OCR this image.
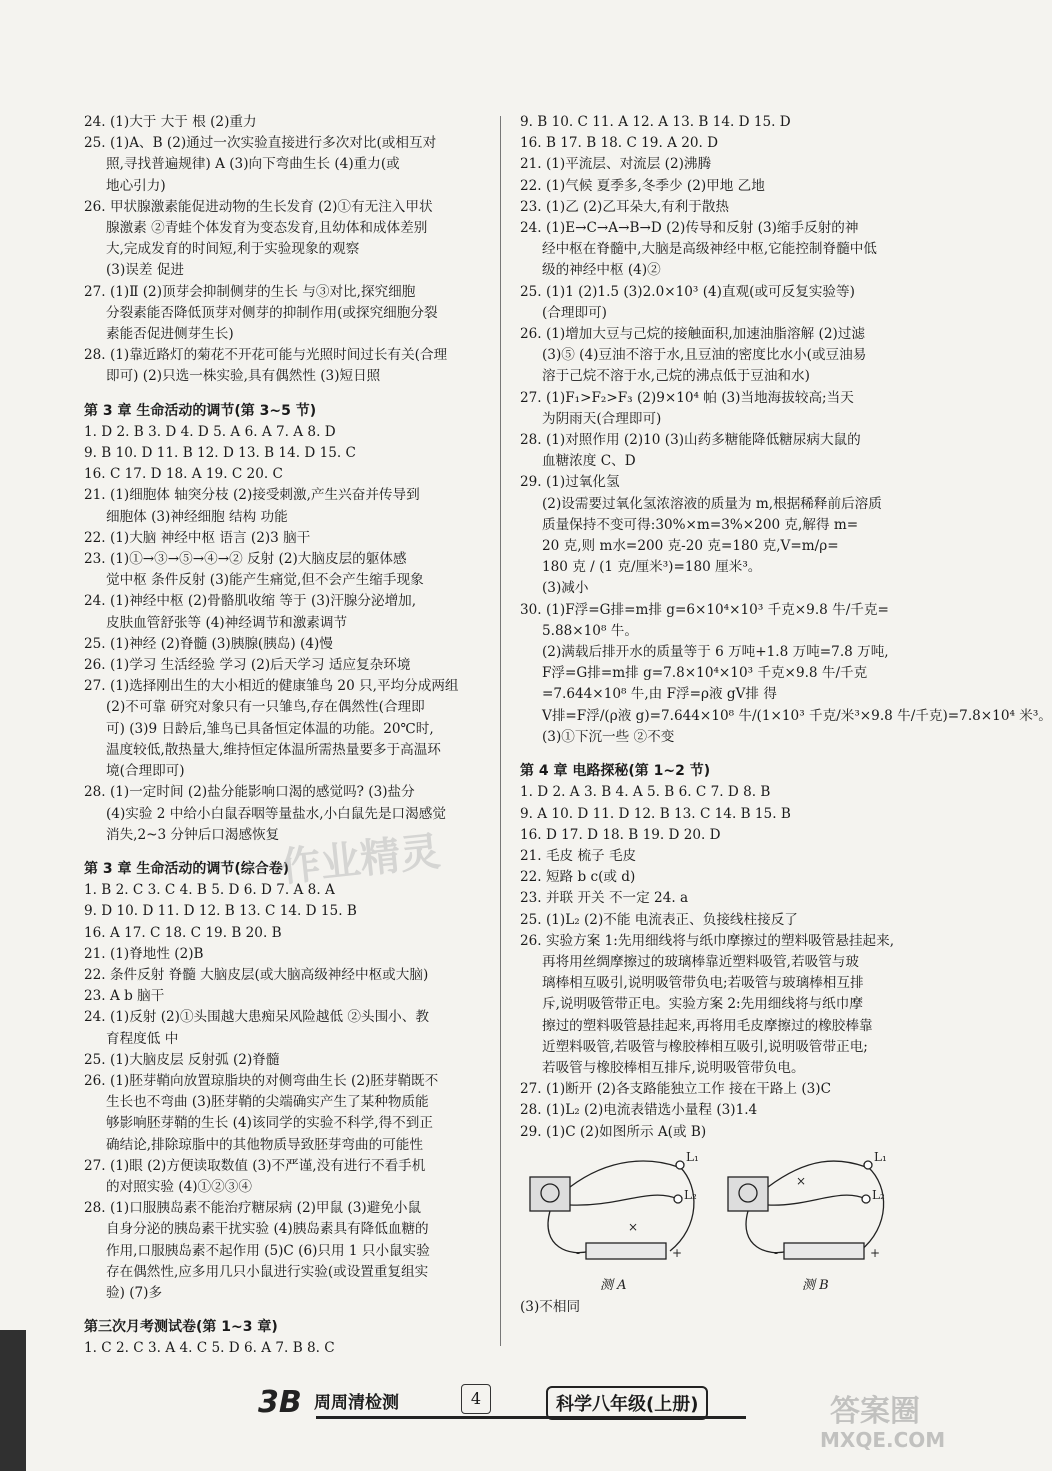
24. (1)大于 大于 根 (2)重力
25. (1)A、B (2)通过一次实验直接进行多次对比(或相互对
照,寻找普遍规律) A (3)向下弯曲生长 (4)重力(或
地心引力)
26. 甲状腺激素能促进动物的生长发育 (2)①有无注入甲状
腺激素 ②青蛙个体发育为变态发育,且幼体和成体差别
大,完成发育的时间短,利于实验现象的观察
(3)误差 促进
27. (1)Ⅱ (2)顶芽会抑制侧芽的生长 与③对比,探究细胞
分裂素能否降低顶芽对侧芽的抑制作用(或探究细胞分裂
素能否促进侧芽生长)
28. (1)靠近路灯的菊花不开花可能与光照时间过长有关(合理
即可) (2)只选一株实验,具有偶然性 (3)短日照
第 3 章 生命活动的调节(第 3~5 节)
1. D 2. B 3. D 4. D 5. A 6. A 7. A 8. D
9. B 10. D 11. B 12. D 13. B 14. D 15. C
16. C 17. D 18. A 19. C 20. C
21. (1)细胞体 轴突分枝 (2)接受刺激,产生兴奋并传导到
细胞体 (3)神经细胞 结构 功能
22. (1)大脑 神经中枢 语言 (2)3 脑干
23. (1)①→③→⑤→④→② 反射 (2)大脑皮层的躯体感
觉中枢 条件反射 (3)能产生痛觉,但不会产生缩手现象
24. (1)神经中枢 (2)骨骼肌收缩 等于 (3)汗腺分泌增加,
皮肤血管舒张等 (4)神经调节和激素调节
25. (1)神经 (2)脊髓 (3)胰腺(胰岛) (4)慢
26. (1)学习 生活经验 学习 (2)后天学习 适应复杂环境
27. (1)选择刚出生的大小相近的健康雏鸟 20 只,平均分成两组
(2)不可靠 研究对象只有一只雏鸟,存在偶然性(合理即
可) (3)9 日龄后,雏鸟已具备恒定体温的功能。20℃时,
温度较低,散热量大,维持恒定体温所需热量要多于高温环
境(合理即可)
28. (1)一定时间 (2)盐分能影响口渴的感觉吗? (3)盐分
(4)实验 2 中给小白鼠吞咽等量盐水,小白鼠先是口渴感觉
消失,2~3 分钟后口渴感恢复
第 3 章 生命活动的调节(综合卷)
1. B 2. C 3. C 4. B 5. D 6. D 7. A 8. A
9. D 10. D 11. D 12. B 13. C 14. D 15. B
16. A 17. C 18. C 19. B 20. B
21. (1)脊地性 (2)B
22. 条件反射 脊髓 大脑皮层(或大脑高级神经中枢或大脑)
23. A b 脑干
24. (1)反射 (2)①头围越大患痴呆风险越低 ②头围小、教
育程度低 中
25. (1)大脑皮层 反射弧 (2)脊髓
26. (1)胚芽鞘向放置琼脂块的对侧弯曲生长 (2)胚芽鞘既不
生长也不弯曲 (3)胚芽鞘的尖端确实产生了某种物质能
够影响胚芽鞘的生长 (4)该同学的实验不科学,得不到正
确结论,排除琼脂中的其他物质导致胚芽弯曲的可能性
27. (1)眼 (2)方便读取数值 (3)不严谨,没有进行不看手机
的对照实验 (4)①②③④
28. (1)口服胰岛素不能治疗糖尿病 (2)甲鼠 (3)避免小鼠
自身分泌的胰岛素干扰实验 (4)胰岛素具有降低血糖的
作用,口服胰岛素不起作用 (5)C (6)只用 1 只小鼠实验
存在偶然性,应多用几只小鼠进行实验(或设置重复组实
验) (7)多
第三次月考测试卷(第 1~3 章)
1. C 2. C 3. A 4. C 5. D 6. A 7. B 8. C
9. B 10. C 11. A 12. A 13. B 14. D 15. D
16. B 17. B 18. C 19. A 20. D
21. (1)平流层、对流层 (2)沸腾
22. (1)气候 夏季多,冬季少 (2)甲地 乙地
23. (1)乙 (2)乙耳朵大,有利于散热
24. (1)E→C→A→B→D (2)传导和反射 (3)缩手反射的神
经中枢在脊髓中,大脑是高级神经中枢,它能控制脊髓中低
级的神经中枢 (4)②
25. (1)1 (2)1.5 (3)2.0×10³ (4)直观(或可反复实验等)
(合理即可)
26. (1)增加大豆与己烷的接触面积,加速油脂溶解 (2)过滤
(3)⑤ (4)豆油不溶于水,且豆油的密度比水小(或豆油易
溶于己烷不溶于水,己烷的沸点低于豆油和水)
27. (1)F₁>F₂>F₃ (2)9×10⁴ 帕 (3)当地海拔较高;当天
为阴雨天(合理即可)
28. (1)对照作用 (2)10 (3)山药多糖能降低糖尿病大鼠的
血糖浓度 C、D
29. (1)过氧化氢
(2)设需要过氧化氢浓溶液的质量为 m,根据稀释前后溶质
质量保持不变可得:30%×m=3%×200 克,解得 m=
20 克,则 m水=200 克-20 克=180 克,V=m/ρ=
180 克 / (1 克/厘米³)=180 厘米³。
(3)减小
30. (1)F浮=G排=m排 g=6×10⁴×10³ 千克×9.8 牛/千克=
5.88×10⁸ 牛。
(2)满载后排开水的质量等于 6 万吨+1.8 万吨=7.8 万吨,
F浮=G排=m排 g=7.8×10⁴×10³ 千克×9.8 牛/千克
=7.644×10⁸ 牛,由 F浮=ρ液 gV排 得
V排=F浮/(ρ液 g)=7.644×10⁸ 牛/(1×10³ 千克/米³×9.8 牛/千克)=7.8×10⁴ 米³。
(3)①下沉一些 ②不变
第 4 章 电路探秘(第 1~2 节)
1. D 2. A 3. B 4. A 5. B 6. C 7. D 8. B
9. A 10. D 11. D 12. B 13. C 14. B 15. B
16. D 17. D 18. B 19. D 20. D
21. 毛皮 梳子 毛皮
22. 短路 b c(或 d)
23. 并联 开关 不一定 24. a
25. (1)L₂ (2)不能 电流表正、负接线柱接反了
26. 实验方案 1:先用细线将与纸巾摩擦过的塑料吸管悬挂起来,
再将用丝绸摩擦过的玻璃棒靠近塑料吸管,若吸管与玻
璃棒相互吸引,说明吸管带负电;若吸管与玻璃棒相互排
斥,说明吸管带正电。实验方案 2:先用细线将与纸巾摩
擦过的塑料吸管悬挂起来,再将用毛皮摩擦过的橡胶棒靠
近塑料吸管,若吸管与橡胶棒相互吸引,说明吸管带正电;
若吸管与橡胶棒相互排斥,说明吸管带负电。
27. (1)断开 (2)各支路能独立工作 接在干路上 (3)C
28. (1)L₂ (2)电流表错选小量程 (3)1.4
29. (1)C (2)如图所示 A(或 B)
L₁
L₂
×
+
-
L₁
L₂
×
+
-
测 A	测 B
(3)不相同
3B 周周清检测	4	科学八年级(上册)
作业精灵
答案圈
MXQE.COM
